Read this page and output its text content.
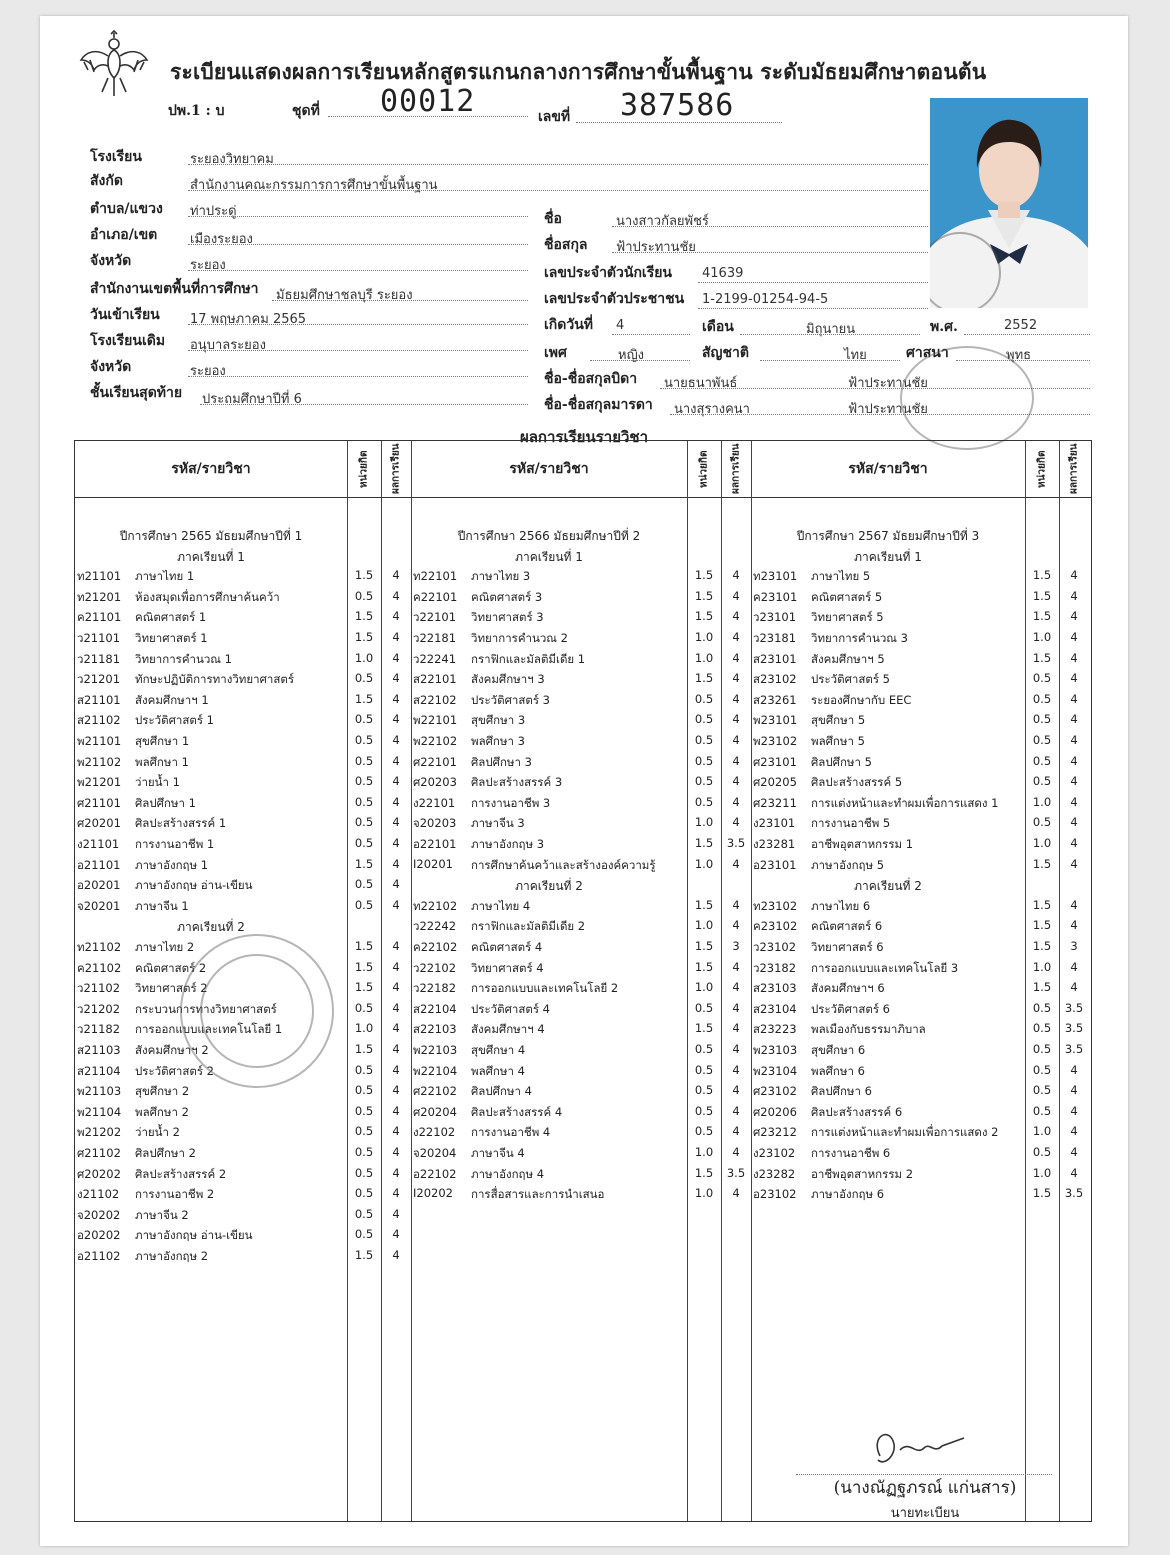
ระเบียนแสดงผลการเรียนหลักสูตรแกนกลางการศึกษาขั้นพื้นฐาน ระดับมัธยมศึกษาตอนต้น
ปพ.1 : บ	ชุดที่ 00012	เลขที่ 387586
โรงเรียน	ระยองวิทยาคม
สังกัด	สำนักงานคณะกรรมการการศึกษาขั้นพื้นฐาน
ตำบล/แขวง ท่าประดู่
อำเภอ/เขต	เมืองระยอง
จังหวัด	ระยอง
สำนักงานเขตพื้นที่การศึกษา มัธยมศึกษาชลบุรี ระยอง
วันเข้าเรียน 17 พฤษภาคม 2565
โรงเรียนเดิม อนุบาลระยอง
จังหวัด	ระยอง
ชั้นเรียนสุดท้าย ประถมศึกษาปีที่ 6
ชื่อ	นางสาวกัลยพัชร์
ชื่อสกุล ฟ้าประทานชัย
เลขประจำตัวนักเรียน 41639
เลขประจำตัวประชาชน 1-2199-01254-94-5
เกิดวันที่ 4	เดือน	มิถุนายน	พ.ศ.	2552
เพศ	หญิง	สัญชาติ	ไทย	ศาสนา	พุทธ
ชื่อ-ชื่อสกุลบิดา นายธนาพันธ์	ฟ้าประทานชัย
ชื่อ-ชื่อสกุลมารดา นางสุรางคนา	ฟ้าประทานชัย
ผลการเรียนรายวิชา
รหัส/รายวิชา	หน่วยกิต	ผลการเรียน	รหัส/รายวิชา	หน่วยกิต	ผลการเรียน	รหัส/รายวิชา	หน่วยกิต	ผลการเรียน
ปีการศึกษา 2565 มัธยมศึกษาปีที่ 1
ภาคเรียนที่ 1
ท21101 ภาษาไทย 1	1.5	4
ท21201 ห้องสมุดเพื่อการศึกษาค้นคว้า	0.5	4
ค21101 คณิตศาสตร์ 1	1.5	4
ว21101 วิทยาศาสตร์ 1	1.5	4
ว21181 วิทยาการคำนวณ 1	1.0	4
ว21201 ทักษะปฏิบัติการทางวิทยาศาสตร์	0.5	4
ส21101 สังคมศึกษาฯ 1	1.5	4
ส21102 ประวัติศาสตร์ 1	0.5	4
พ21101 สุขศึกษา 1	0.5	4
พ21102 พลศึกษา 1	0.5	4
พ21201 ว่ายน้ำ 1	0.5	4
ศ21101 ศิลปศึกษา 1	0.5	4
ศ20201 ศิลปะสร้างสรรค์ 1	0.5	4
ง21101 การงานอาชีพ 1	0.5	4
อ21101 ภาษาอังกฤษ 1	1.5	4
อ20201 ภาษาอังกฤษ อ่าน-เขียน	0.5	4
จ20201 ภาษาจีน 1	0.5	4
ภาคเรียนที่ 2
ท21102 ภาษาไทย 2	1.5	4
ค21102 คณิตศาสตร์ 2	1.5	4
ว21102 วิทยาศาสตร์ 2	1.5	4
ว21202 กระบวนการทางวิทยาศาสตร์	0.5	4
ว21182 การออกแบบและเทคโนโลยี 1	1.0	4
ส21103 สังคมศึกษาฯ 2	1.5	4
ส21104 ประวัติศาสตร์ 2	0.5	4
พ21103 สุขศึกษา 2	0.5	4
พ21104 พลศึกษา 2	0.5	4
พ21202 ว่ายน้ำ 2	0.5	4
ศ21102 ศิลปศึกษา 2	0.5	4
ศ20202 ศิลปะสร้างสรรค์ 2	0.5	4
ง21102 การงานอาชีพ 2	0.5	4
จ20202 ภาษาจีน 2	0.5	4
อ20202 ภาษาอังกฤษ อ่าน-เขียน	0.5	4
อ21102 ภาษาอังกฤษ 2	1.5	4
ปีการศึกษา 2566 มัธยมศึกษาปีที่ 2
ภาคเรียนที่ 1
ท22101 ภาษาไทย 3	1.5	4
ค22101 คณิตศาสตร์ 3	1.5	4
ว22101 วิทยาศาสตร์ 3	1.5	4
ว22181 วิทยาการคำนวณ 2	1.0	4
ว22241 กราฟิกและมัลติมีเดีย 1	1.0	4
ส22101 สังคมศึกษาฯ 3	1.5	4
ส22102 ประวัติศาสตร์ 3	0.5	4
พ22101 สุขศึกษา 3	0.5	4
พ22102 พลศึกษา 3	0.5	4
ศ22101 ศิลปศึกษา 3	0.5	4
ศ20203 ศิลปะสร้างสรรค์ 3	0.5	4
ง22101 การงานอาชีพ 3	0.5	4
จ20203 ภาษาจีน 3	1.0	4
อ22101 ภาษาอังกฤษ 3	1.5	3.5
I20201 การศึกษาค้นคว้าและสร้างองค์ความรู้	1.0	4
ภาคเรียนที่ 2
ท22102 ภาษาไทย 4	1.5	4
ว22242 กราฟิกและมัลติมีเดีย 2	1.0	4
ค22102 คณิตศาสตร์ 4	1.5	3
ว22102 วิทยาศาสตร์ 4	1.5	4
ว22182 การออกแบบและเทคโนโลยี 2	1.0	4
ส22104 ประวัติศาสตร์ 4	0.5	4
ส22103 สังคมศึกษาฯ 4	1.5	4
พ22103 สุขศึกษา 4	0.5	4
พ22104 พลศึกษา 4	0.5	4
ศ22102 ศิลปศึกษา 4	0.5	4
ศ20204 ศิลปะสร้างสรรค์ 4	0.5	4
ง22102 การงานอาชีพ 4	0.5	4
จ20204 ภาษาจีน 4	1.0	4
อ22102 ภาษาอังกฤษ 4	1.5	3.5
I20202 การสื่อสารและการนำเสนอ	1.0	4
ปีการศึกษา 2567 มัธยมศึกษาปีที่ 3
ภาคเรียนที่ 1
ท23101 ภาษาไทย 5	1.5	4
ค23101 คณิตศาสตร์ 5	1.5	4
ว23101 วิทยาศาสตร์ 5	1.5	4
ว23181 วิทยาการคำนวณ 3	1.0	4
ส23101 สังคมศึกษาฯ 5	1.5	4
ส23102 ประวัติศาสตร์ 5	0.5	4
ส23261 ระยองศึกษากับ EEC	0.5	4
พ23101 สุขศึกษา 5	0.5	4
พ23102 พลศึกษา 5	0.5	4
ศ23101 ศิลปศึกษา 5	0.5	4
ศ20205 ศิลปะสร้างสรรค์ 5	0.5	4
ศ23211 การแต่งหน้าและทำผมเพื่อการแสดง 1	1.0	4
ง23101 การงานอาชีพ 5	0.5	4
ง23281 อาชีพอุตสาหกรรม 1	1.0	4
อ23101 ภาษาอังกฤษ 5	1.5	4
ภาคเรียนที่ 2
ท23102 ภาษาไทย 6	1.5	4
ค23102 คณิตศาสตร์ 6	1.5	4
ว23102 วิทยาศาสตร์ 6	1.5	3
ว23182 การออกแบบและเทคโนโลยี 3	1.0	4
ส23103 สังคมศึกษาฯ 6	1.5	4
ส23104 ประวัติศาสตร์ 6	0.5	3.5
ส23223 พลเมืองกับธรรมาภิบาล	0.5	3.5
พ23103 สุขศึกษา 6	0.5	3.5
พ23104 พลศึกษา 6	0.5	4
ศ23102 ศิลปศึกษา 6	0.5	4
ศ20206 ศิลปะสร้างสรรค์ 6	0.5	4
ศ23212 การแต่งหน้าและทำผมเพื่อการแสดง 2	1.0	4
ง23102 การงานอาชีพ 6	0.5	4
ง23282 อาชีพอุตสาหกรรม 2	1.0	4
อ23102 ภาษาอังกฤษ 6	1.5	3.5
(นางณัฏฐภรณ์ แก่นสาร)
นายทะเบียน
